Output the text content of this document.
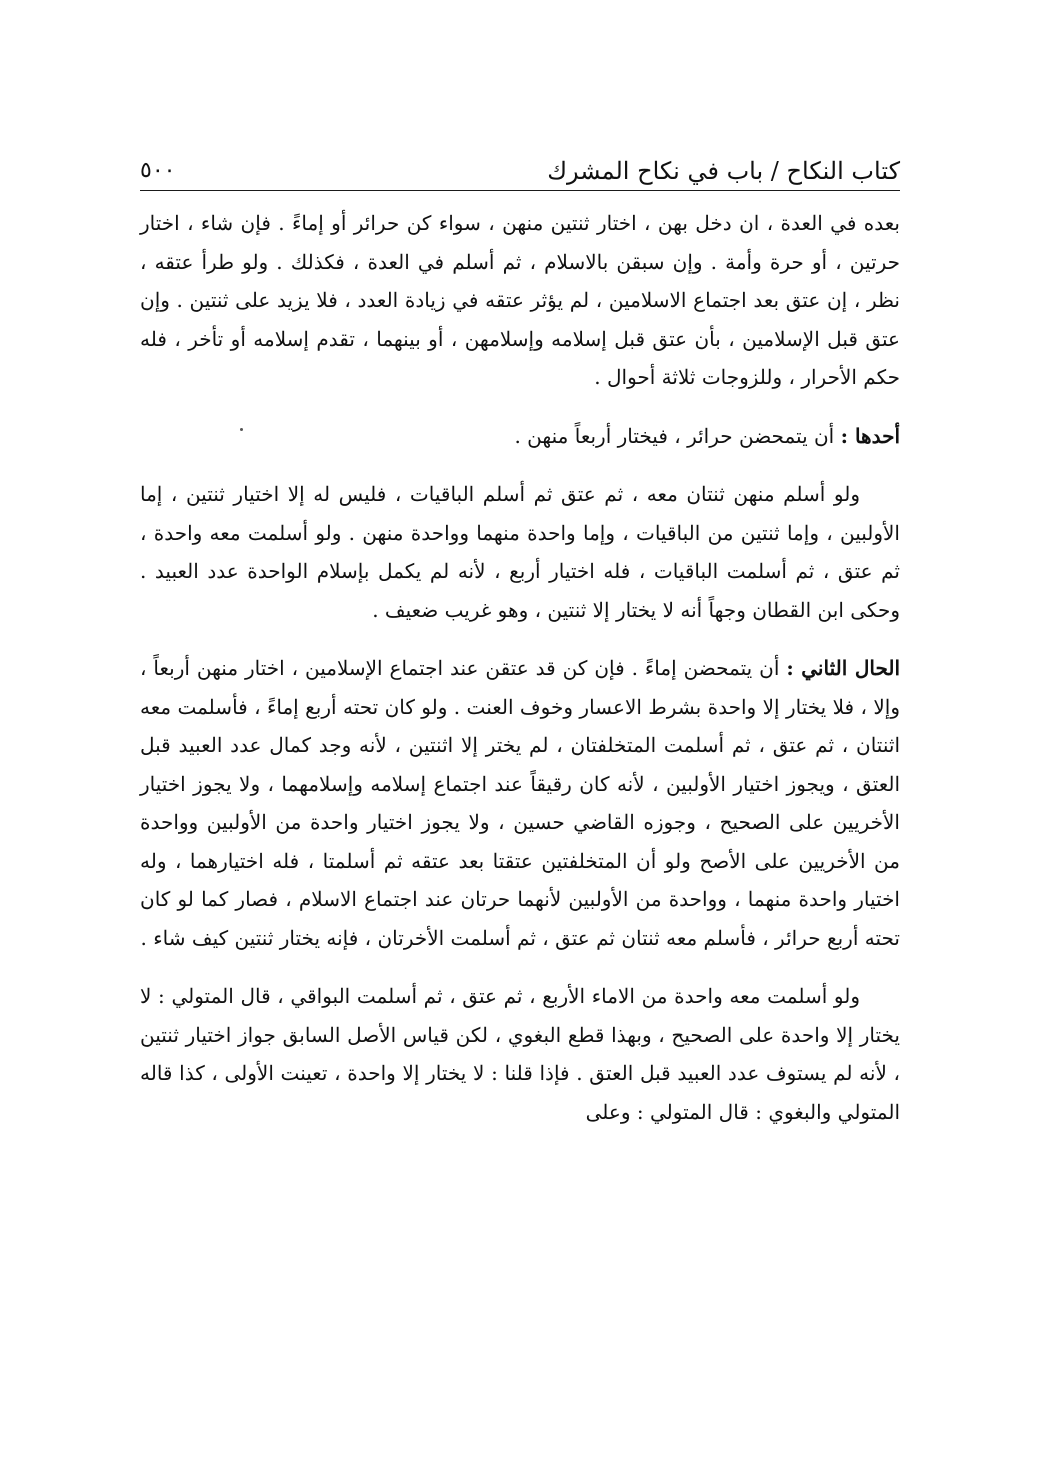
كتاب النكاح / باب في نكاح المشرك
٥٠٠

بعده في العدة ، ان دخل بهن ، اختار ثنتين منهن ، سواء كن حرائر أو إماءً . فإن شاء ، اختار حرتين ، أو حرة وأمة . وإن سبقن بالاسلام ، ثم أسلم في العدة ، فكذلك . ولو طرأ عتقه ، نظر ، إن عتق بعد اجتماع الاسلامين ، لم يؤثر عتقه في زيادة العدد ، فلا يزيد على ثنتين . وإن عتق قبل الإسلامين ، بأن عتق قبل إسلامه وإسلامهن ، أو بينهما ، تقدم إسلامه أو تأخر ، فله حكم الأحرار ، وللزوجات ثلاثة أحوال .

أحدها : أن يتمحضن حرائر ، فيختار أربعاً منهن .

ولو أسلم منهن ثنتان معه ، ثم عتق ثم أسلم الباقيات ، فليس له إلا اختيار ثنتين ، إما الأولبين ، وإما ثنتين من الباقيات ، وإما واحدة منهما وواحدة منهن . ولو أسلمت معه واحدة ، ثم عتق ، ثم أسلمت الباقيات ، فله اختيار أربع ، لأنه لم يكمل بإسلام الواحدة عدد العبيد . وحكى ابن القطان وجهاً أنه لا يختار إلا ثنتين ، وهو غريب ضعيف .

الحال الثاني : أن يتمحضن إماءً . فإن كن قد عتقن عند اجتماع الإسلامين ، اختار منهن أربعاً ، وإلا ، فلا يختار إلا واحدة بشرط الاعسار وخوف العنت . ولو كان تحته أربع إماءً ، فأسلمت معه اثنتان ، ثم عتق ، ثم أسلمت المتخلفتان ، لم يختر إلا اثنتين ، لأنه وجد كمال عدد العبيد قبل العتق ، ويجوز اختيار الأولبين ، لأنه كان رقيقاً عند اجتماع إسلامه وإسلامهما ، ولا يجوز اختيار الأخريين على الصحيح ، وجوزه القاضي حسين ، ولا يجوز اختيار واحدة من الأولبين وواحدة من الأخريين على الأصح ولو أن المتخلفتين عتقتا بعد عتقه ثم أسلمتا ، فله اختيارهما ، وله اختيار واحدة منهما ، وواحدة من الأولبين لأنهما حرتان عند اجتماع الاسلام ، فصار كما لو كان تحته أربع حرائر ، فأسلم معه ثنتان ثم عتق ، ثم أسلمت الأخرتان ، فإنه يختار ثنتين كيف شاء .

ولو أسلمت معه واحدة من الاماء الأربع ، ثم عتق ، ثم أسلمت البواقي ، قال المتولي : لا يختار إلا واحدة على الصحيح ، وبهذا قطع البغوي ، لكن قياس الأصل السابق جواز اختيار ثنتين ، لأنه لم يستوف عدد العبيد قبل العتق . فإذا قلنا : لا يختار إلا واحدة ، تعينت الأولى ، كذا قاله المتولي والبغوي : قال المتولي : وعلى
